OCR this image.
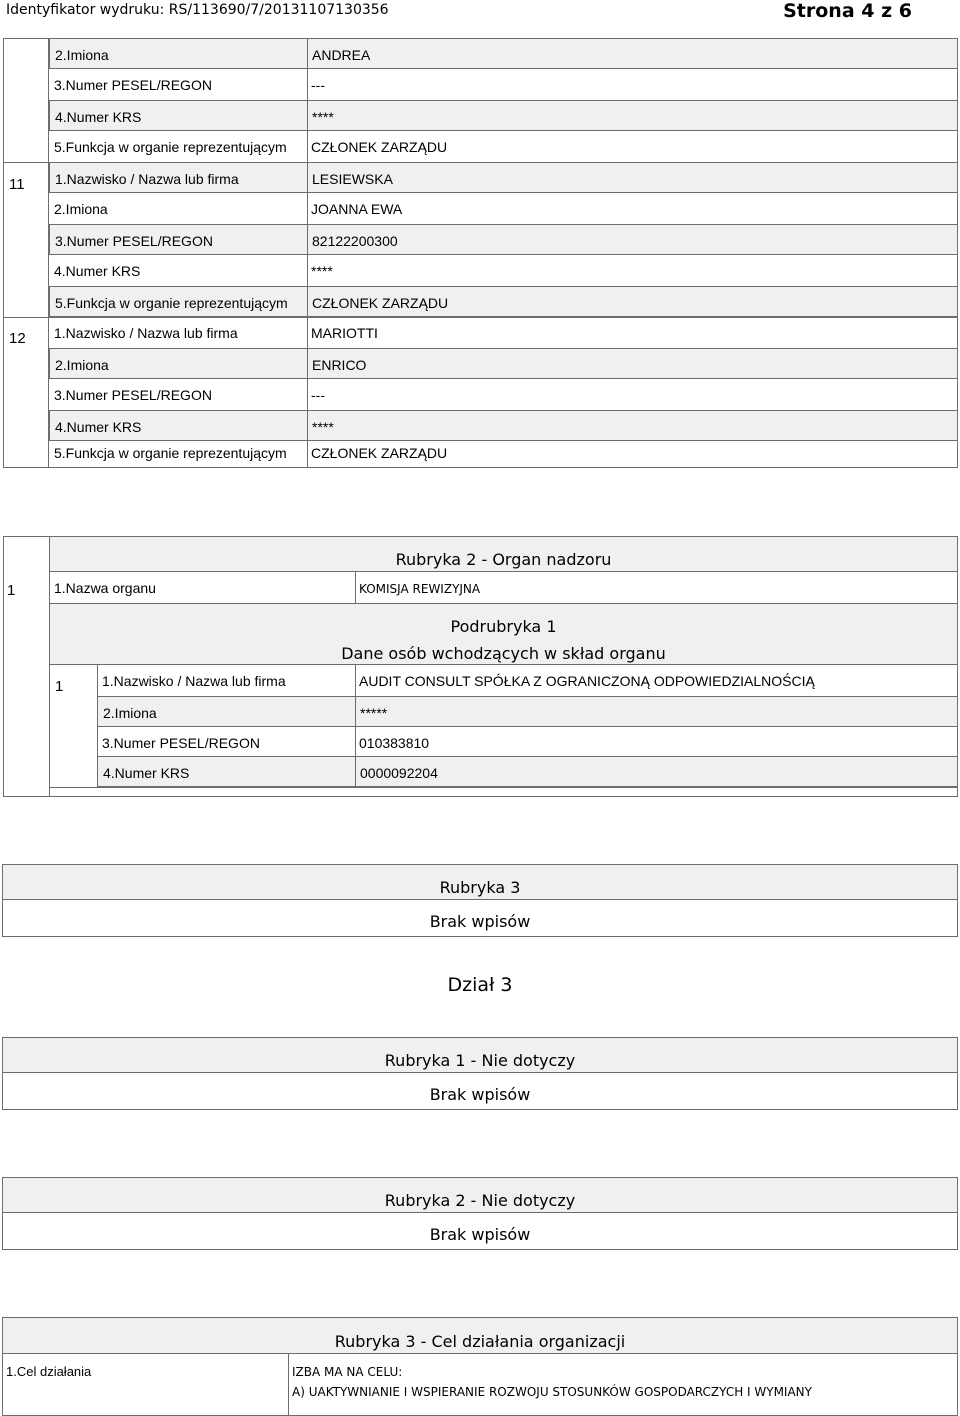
Identyfikator wydruku: RS/113690/7/20131107130356	Strona 4 z 6
2.Imiona	ANDREA
3.Numer PESEL/REGON	---
4.Numer KRS	****
5.Funkcja w organie reprezentującym CZŁONEK ZARZĄDU
11 1.Nazwisko / Nazwa lub firma	LESIEWSKA
2.Imiona	JOANNA EWA
3.Numer PESEL/REGON	82122200300
4.Numer KRS	****
5.Funkcja w organie reprezentującym CZŁONEK ZARZĄDU
12 1.Nazwisko / Nazwa lub firma	MARIOTTI
2.Imiona	ENRICO
3.Numer PESEL/REGON	---
4.Numer KRS	****
5.Funkcja w organie reprezentującym CZŁONEK ZARZĄDU
Rubryka 2 - Organ nadzoru
1	1.Nazwa organu	KOMISJA REWIZYJNA
Podrubryka 1
Dane osób wchodzących w skład organu
1	1.Nazwisko / Nazwa lub firma	AUDIT CONSULT SPÓŁKA Z OGRANICZONĄ ODPOWIEDZIALNOŚCIĄ
2.Imiona	*****
3.Numer PESEL/REGON	010383810
4.Numer KRS	0000092204
Rubryka 3
Brak wpisów
Dział 3
Rubryka 1 - Nie dotyczy
Brak wpisów
Rubryka 2 - Nie dotyczy
Brak wpisów
Rubryka 3 - Cel działania organizacji
1.Cel działania	IZBA MA NA CELU:
A) UAKTYWNIANIE I WSPIERANIE ROZWOJU STOSUNKÓW GOSPODARCZYCH I WYMIANY
